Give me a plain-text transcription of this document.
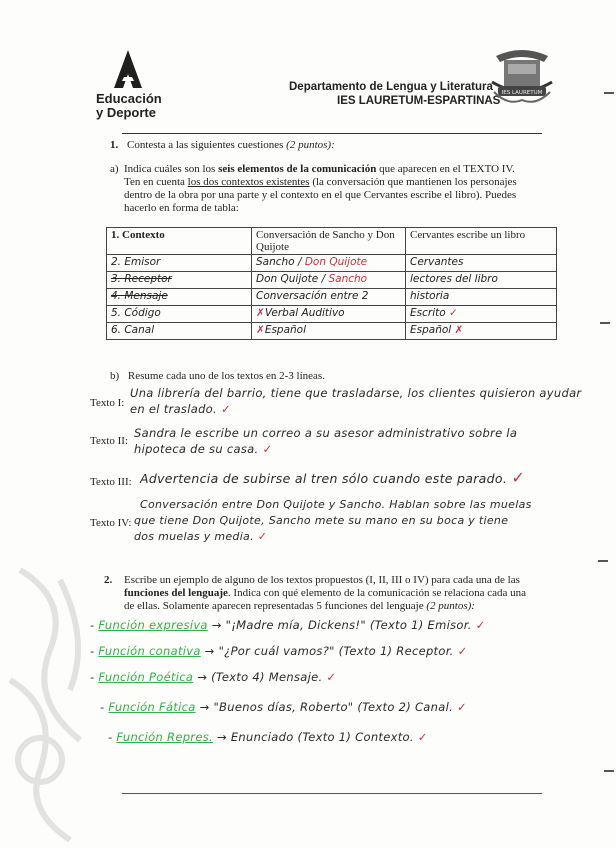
Educación
y Deporte
Departamento de Lengua y Literatura
IES LAURETUM-ESPARTINAS
IES LAURETUM
1. Contesta a las siguientes cuestiones (2 puntos):
a) Indica cuáles son los seis elementos de la comunicación que aparecen en el TEXTO IV.
Ten en cuenta los dos contextos existentes (la conversación que mantienen los personajes
dentro de la obra por una parte y el contexto en el que Cervantes escribe el libro). Puedes
hacerlo en forma de tabla:
1. Contexto	Conversación de Sancho y Don Quijote	Cervantes escribe un libro
2. Emisor	Sancho / Don Quijote	Cervantes
3. Receptor	Don Quijote / Sancho	lectores del libro
4. Mensaje	Conversación entre 2	historia
5. Código	✗Verbal Auditivo	Escrito ✓
6. Canal	✗Español	Español ✗
b) Resume cada uno de los textos en 2-3 líneas.
Texto I:
Una librería del barrio, tiene que trasladarse, los clientes quisieron ayudar
en el traslado. ✓
Texto II:
Sandra le escribe un correo a su asesor administrativo sobre la
hipoteca de su casa. ✓
Texto III: Advertencia de subirse al tren sólo cuando este parado. ✓
Texto IV:
Conversación entre Don Quijote y Sancho. Hablan sobre las muelas
que tiene Don Quijote, Sancho mete su mano en su boca y tiene
dos muelas y media. ✓
2. Escribe un ejemplo de alguno de los textos propuestos (I, II, III o IV) para cada una de las
funciones del lenguaje. Indica con qué elemento de la comunicación se relaciona cada una
de ellas. Solamente aparecen representadas 5 funciones del lenguaje (2 puntos):
- Función expresiva → "¡Madre mía, Dickens!" (Texto 1) Emisor. ✓
- Función conativa → "¿Por cuál vamos?" (Texto 1) Receptor. ✓
- Función Poética → (Texto 4) Mensaje. ✓
- Función Fática → "Buenos días, Roberto" (Texto 2) Canal. ✓
- Función Repres. → Enunciado (Texto 1) Contexto. ✓
